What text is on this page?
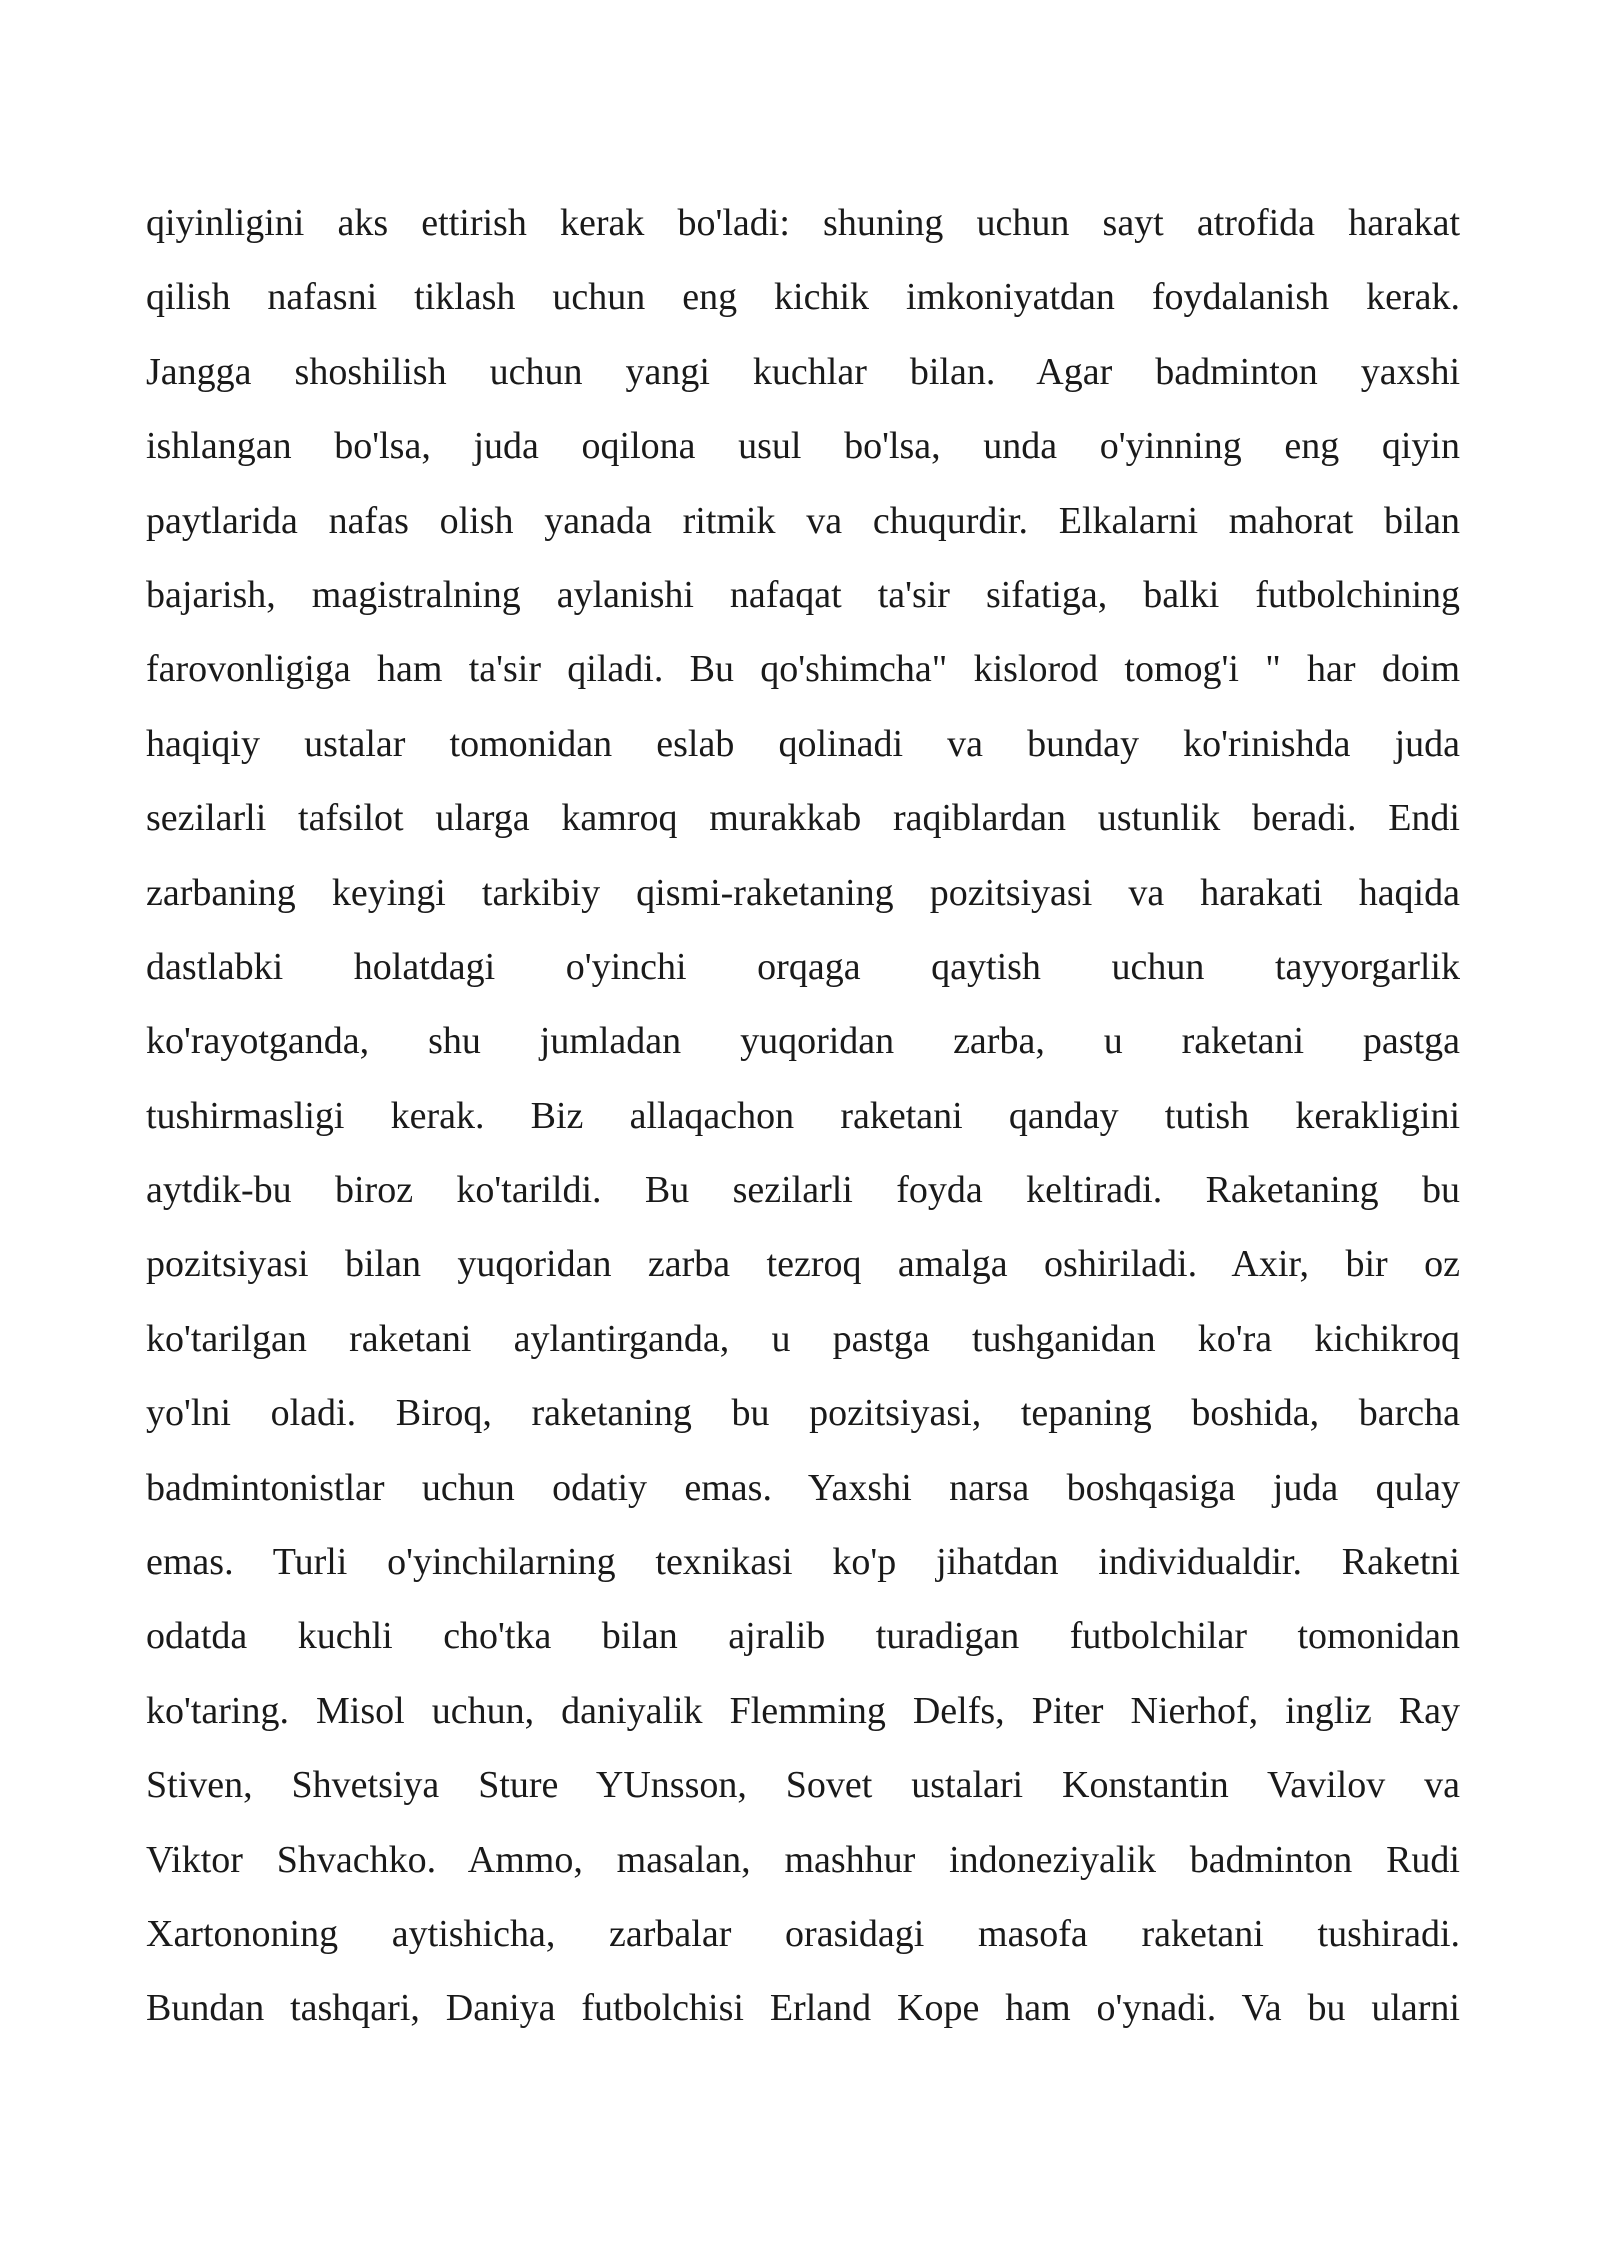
qiyinligini aks ettirish kerak bo'ladi: shuning uchun sayt atrofida harakat
qilish nafasni tiklash uchun eng kichik imkoniyatdan foydalanish kerak.
Jangga shoshilish uchun yangi kuchlar bilan. Agar badminton yaxshi
ishlangan bo'lsa, juda oqilona usul bo'lsa, unda o'yinning eng qiyin
paytlarida nafas olish yanada ritmik va chuqurdir. Elkalarni mahorat bilan
bajarish, magistralning aylanishi nafaqat ta'sir sifatiga, balki futbolchining
farovonligiga ham ta'sir qiladi. Bu qo'shimcha" kislorod tomog'i " har doim
haqiqiy ustalar tomonidan eslab qolinadi va bunday ko'rinishda juda
sezilarli tafsilot ularga kamroq murakkab raqiblardan ustunlik beradi. Endi
zarbaning keyingi tarkibiy qismi-raketaning pozitsiyasi va harakati haqida
dastlabki holatdagi o'yinchi orqaga qaytish uchun tayyorgarlik
ko'rayotganda, shu jumladan yuqoridan zarba, u raketani pastga
tushirmasligi kerak. Biz allaqachon raketani qanday tutish kerakligini
aytdik-bu biroz ko'tarildi. Bu sezilarli foyda keltiradi. Raketaning bu
pozitsiyasi bilan yuqoridan zarba tezroq amalga oshiriladi. Axir, bir oz
ko'tarilgan raketani aylantirganda, u pastga tushganidan ko'ra kichikroq
yo'lni oladi. Biroq, raketaning bu pozitsiyasi, tepaning boshida, barcha
badmintonistlar uchun odatiy emas. Yaxshi narsa boshqasiga juda qulay
emas. Turli o'yinchilarning texnikasi ko'p jihatdan individualdir. Raketni
odatda kuchli cho'tka bilan ajralib turadigan futbolchilar tomonidan
ko'taring. Misol uchun, daniyalik Flemming Delfs, Piter Nierhof, ingliz Ray
Stiven, Shvetsiya Sture YUnsson, Sovet ustalari Konstantin Vavilov va
Viktor Shvachko. Ammo, masalan, mashhur indoneziyalik badminton Rudi
Xartononing aytishicha, zarbalar orasidagi masofa raketani tushiradi.
Bundan tashqari, Daniya futbolchisi Erland Kope ham o'ynadi. Va bu ularni
